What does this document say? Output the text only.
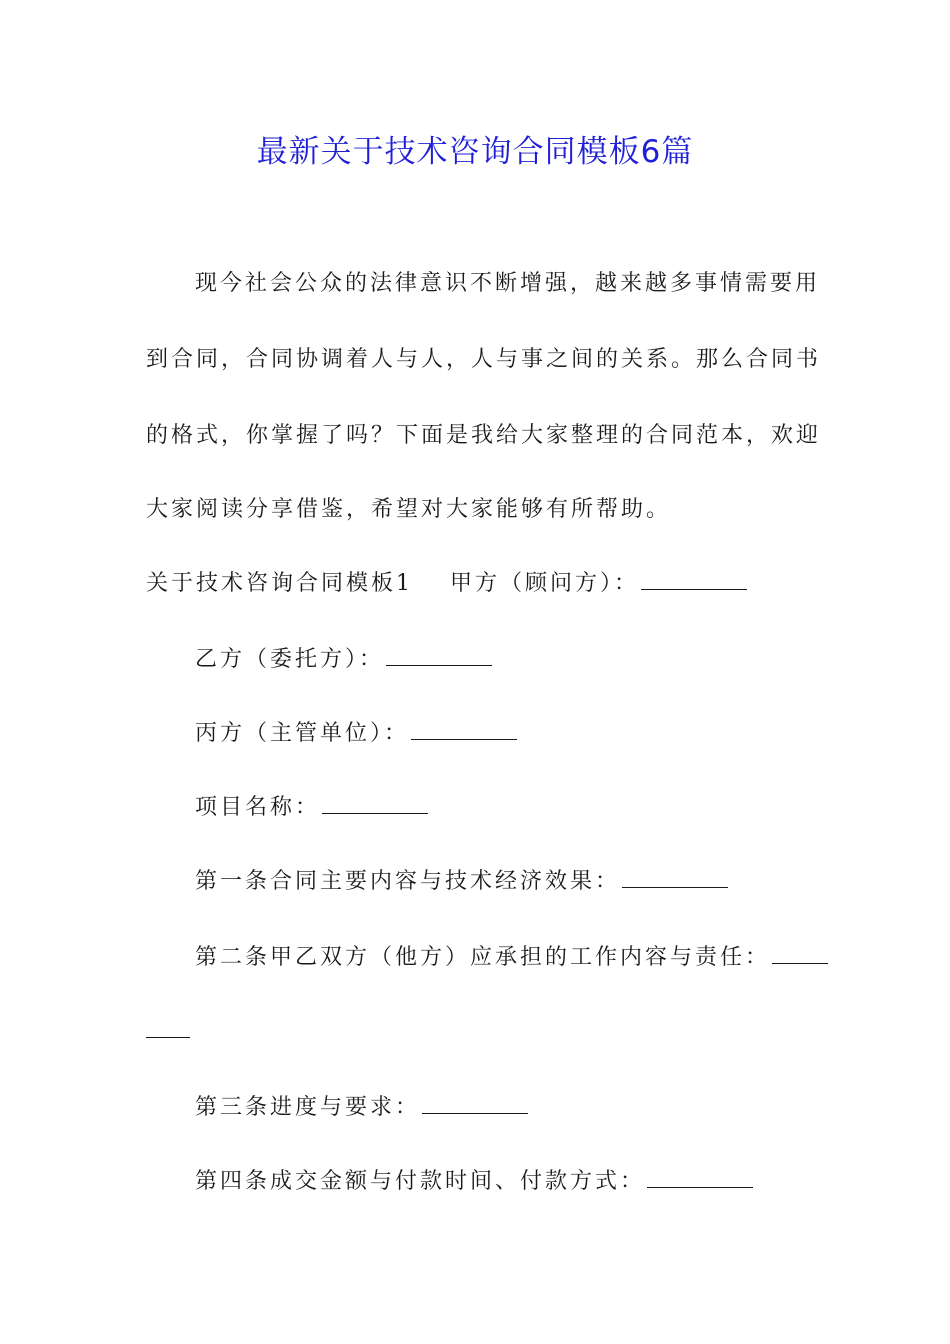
最新关于技术咨询合同模板6篇
现今社会公众的法律意识不断增强，越来越多事情需要用
到合同，合同协调着人与人，人与事之间的关系。那么合同书
的格式，你掌握了吗？下面是我给大家整理的合同范本，欢迎
大家阅读分享借鉴，希望对大家能够有所帮助。
关于技术咨询合同模板1 甲方（顾问方）：
乙方（委托方）：
丙方（主管单位）：
项目名称：
第一条合同主要内容与技术经济效果：
第二条甲乙双方（他方）应承担的工作内容与责任：
第三条进度与要求：
第四条成交金额与付款时间、付款方式：
